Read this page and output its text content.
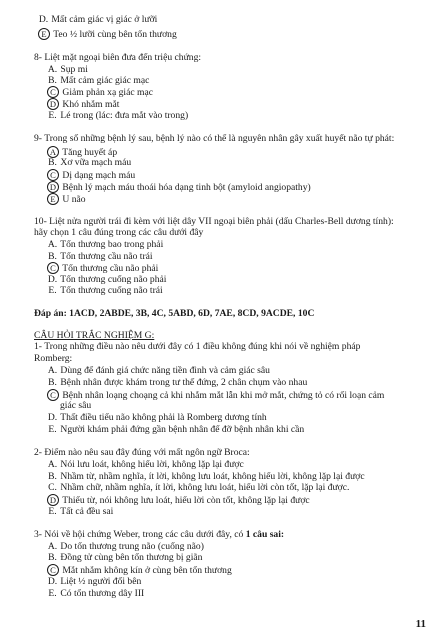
D. Mất cảm giác vị giác ở lưỡi
E Teo ½ lưỡi cùng bên tổn thương
8- Liệt mặt ngoại biên đưa đến triệu chứng:
A. Sụp mi
B. Mất cảm giác giác mạc
C Giảm phản xạ giác mạc
D Khó nhắm mắt
E. Lé trong (lác: đưa mắt vào trong)
9- Trong số những bệnh lý sau, bệnh lý nào có thể là nguyên nhân gây xuất huyết não tự phát:
A Tăng huyết áp
B. Xơ vữa mạch máu
C Dị dạng mạch máu
D Bệnh lý mạch máu thoái hóa dạng tinh bột (amyloid angiopathy)
E U não
10- Liệt nửa người trái đi kèm với liệt dây VII ngoại biên phải (dấu Charles-Bell dương tính):
hãy chọn 1 câu đúng trong các câu dưới đây
A. Tổn thương bao trong phải
B. Tổn thương cầu não trái
C Tổn thương cầu não phải
D. Tổn thương cuống não phải
E. Tổn thương cuống não trái
Đáp án: 1ACD, 2ABDE, 3B, 4C, 5ABD, 6D, 7AE, 8CD, 9ACDE, 10C
CÂU HỎI TRẮC NGHIỆM G:
1- Trong những điều nào nêu dưới đây có 1 điều không đúng khi nói về nghiệm pháp
Romberg:
A. Dùng để đánh giá chức năng tiền đình và cảm giác sâu
B. Bệnh nhân được khám trong tư thế đứng, 2 chân chụm vào nhau
C Bệnh nhân loạng choạng cả khi nhắm mắt lẫn khi mở mắt, chứng tỏ có rối loạn cảm
giác sâu
D. Thất điều tiểu não không phải là Romberg dương tính
E. Người khám phải đứng gần bệnh nhân để đỡ bệnh nhân khi cần
2- Điểm nào nêu sau đây đúng với mất ngôn ngữ Broca:
A. Nói lưu loát, không hiểu lời, không lặp lại được
B. Nhầm từ, nhầm nghĩa, ít lời, không lưu loát, không hiểu lời, không lặp lại được
C. Nhầm chữ, nhầm nghĩa, ít lời, không lưu loát, hiểu lời còn tốt, lặp lại được.
D Thiểu từ, nói không lưu loát, hiểu lời còn tốt, không lặp lại được
E. Tất cả đều sai
3- Nói về hội chứng Weber, trong các câu dưới đây, có 1 câu sai:
A. Do tổn thương trung não (cuống não)
B. Đồng tử cùng bên tổn thương bị giãn
C Mắt nhắm không kín ở cùng bên tổn thương
D. Liệt ½ người đối bên
E. Có tổn thương dây III
11
